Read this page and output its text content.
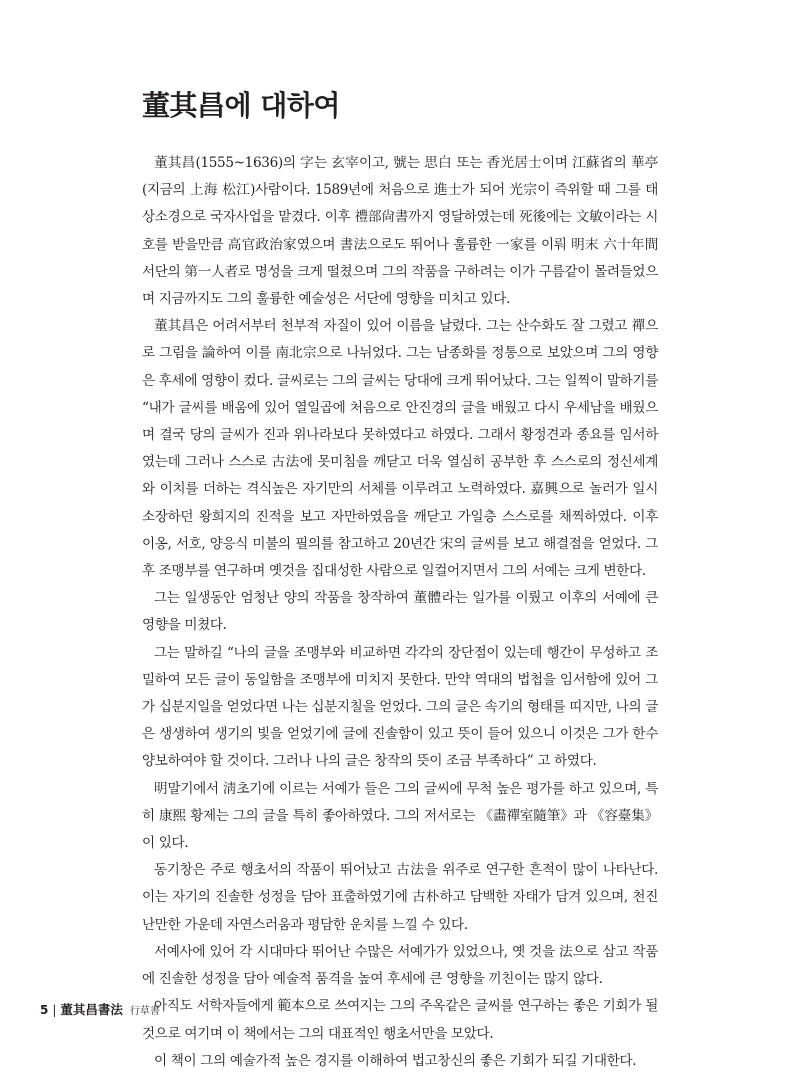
董其昌에 대하여

董其昌(1555~1636)의 字는 玄宰이고, 號는 思白 또는 香光居士이며 江蘇省의 華亭(지금의 上海 松江)사람이다. 1589년에 처음으로 進士가 되어 光宗이 즉위할 때 그를 태상소경으로 국자사업을 맡겼다. 이후 禮部尙書까지 영달하였는데 死後에는 文敏이라는 시호를 받을만큼 高官政治家였으며 書法으로도 뛰어나 훌륭한 一家를 이뤄 明末 六十年間 서단의 第一人者로 명성을 크게 떨쳤으며 그의 작품을 구하려는 이가 구름같이 몰려들었으며 지금까지도 그의 훌륭한 예술성은 서단에 영향을 미치고 있다.

董其昌은 어려서부터 천부적 자질이 있어 이름을 날렸다. 그는 산수화도 잘 그렸고 禪으로 그림을 論하여 이를 南北宗으로 나뉘었다. 그는 남종화를 정통으로 보았으며 그의 영향은 후세에 영향이 컸다. 글씨로는 그의 글씨는 당대에 크게 뛰어났다. 그는 일찍이 말하기를 “내가 글씨를 배움에 있어 열일곱에 처음으로 안진경의 글을 배웠고 다시 우세남을 배웠으며 결국 당의 글씨가 진과 위나라보다 못하였다고 하였다. 그래서 황정견과 종요를 임서하였는데 그러나 스스로 古法에 못미침을 깨닫고 더욱 열심히 공부한 후 스스로의 정신세계와 이치를 더하는 격식높은 자기만의 서체를 이루려고 노력하였다. 嘉興으로 놀러가 일시 소장하던 왕희지의 진적을 보고 자만하였음을 깨닫고 가일층 스스로를 채찍하였다. 이후 이옹, 서호, 양응식 미불의 필의를 참고하고 20년간 宋의 글씨를 보고 해결점을 얻었다. 그후 조맹부를 연구하며 옛것을 집대성한 사람으로 일컬어지면서 그의 서예는 크게 변한다.

그는 일생동안 엄청난 양의 작품을 창작하여 董體라는 일가를 이뤘고 이후의 서예에 큰 영향을 미쳤다.

그는 말하길 “나의 글을 조맹부와 비교하면 각각의 장단점이 있는데 행간이 무성하고 조밀하여 모든 글이 동일함을 조맹부에 미치지 못한다. 만약 역대의 법첩을 임서함에 있어 그가 십분지일을 얻었다면 나는 십분지칠을 얻었다. 그의 글은 속기의 형태를 띠지만, 나의 글은 생생하여 생기의 빛을 얻었기에 글에 진솔함이 있고 뜻이 들어 있으니 이것은 그가 한수 양보하여야 할 것이다. 그러나 나의 글은 창작의 뜻이 조금 부족하다” 고 하였다.

明말기에서 淸초기에 이르는 서예가 들은 그의 글씨에 무척 높은 평가를 하고 있으며, 특히 康熙 황제는 그의 글을 특히 좋아하였다. 그의 저서로는 《畵禪室隨筆》과 《容臺集》이 있다.

동기창은 주로 행초서의 작품이 뛰어났고 古法을 위주로 연구한 흔적이 많이 나타난다. 이는 자기의 진솔한 성정을 담아 표출하였기에 古朴하고 담백한 자태가 담겨 있으며, 천진난만한 가운데 자연스러움과 평담한 운치를 느낄 수 있다.

서예사에 있어 각 시대마다 뛰어난 수많은 서예가가 있었으나, 옛 것을 法으로 삼고 작품에 진솔한 성정을 담아 예술적 품격을 높여 후세에 큰 영향을 끼친이는 많지 않다.

아직도 서학자들에게 範本으로 쓰여지는 그의 주옥같은 글씨를 연구하는 좋은 기회가 될 것으로 여기며 이 책에서는 그의 대표적인 행초서만을 모았다.

이 책이 그의 예술가적 높은 경지를 이해하여 법고창신의 좋은 기회가 되길 기대한다.

5 | 董其昌書法 行草書
